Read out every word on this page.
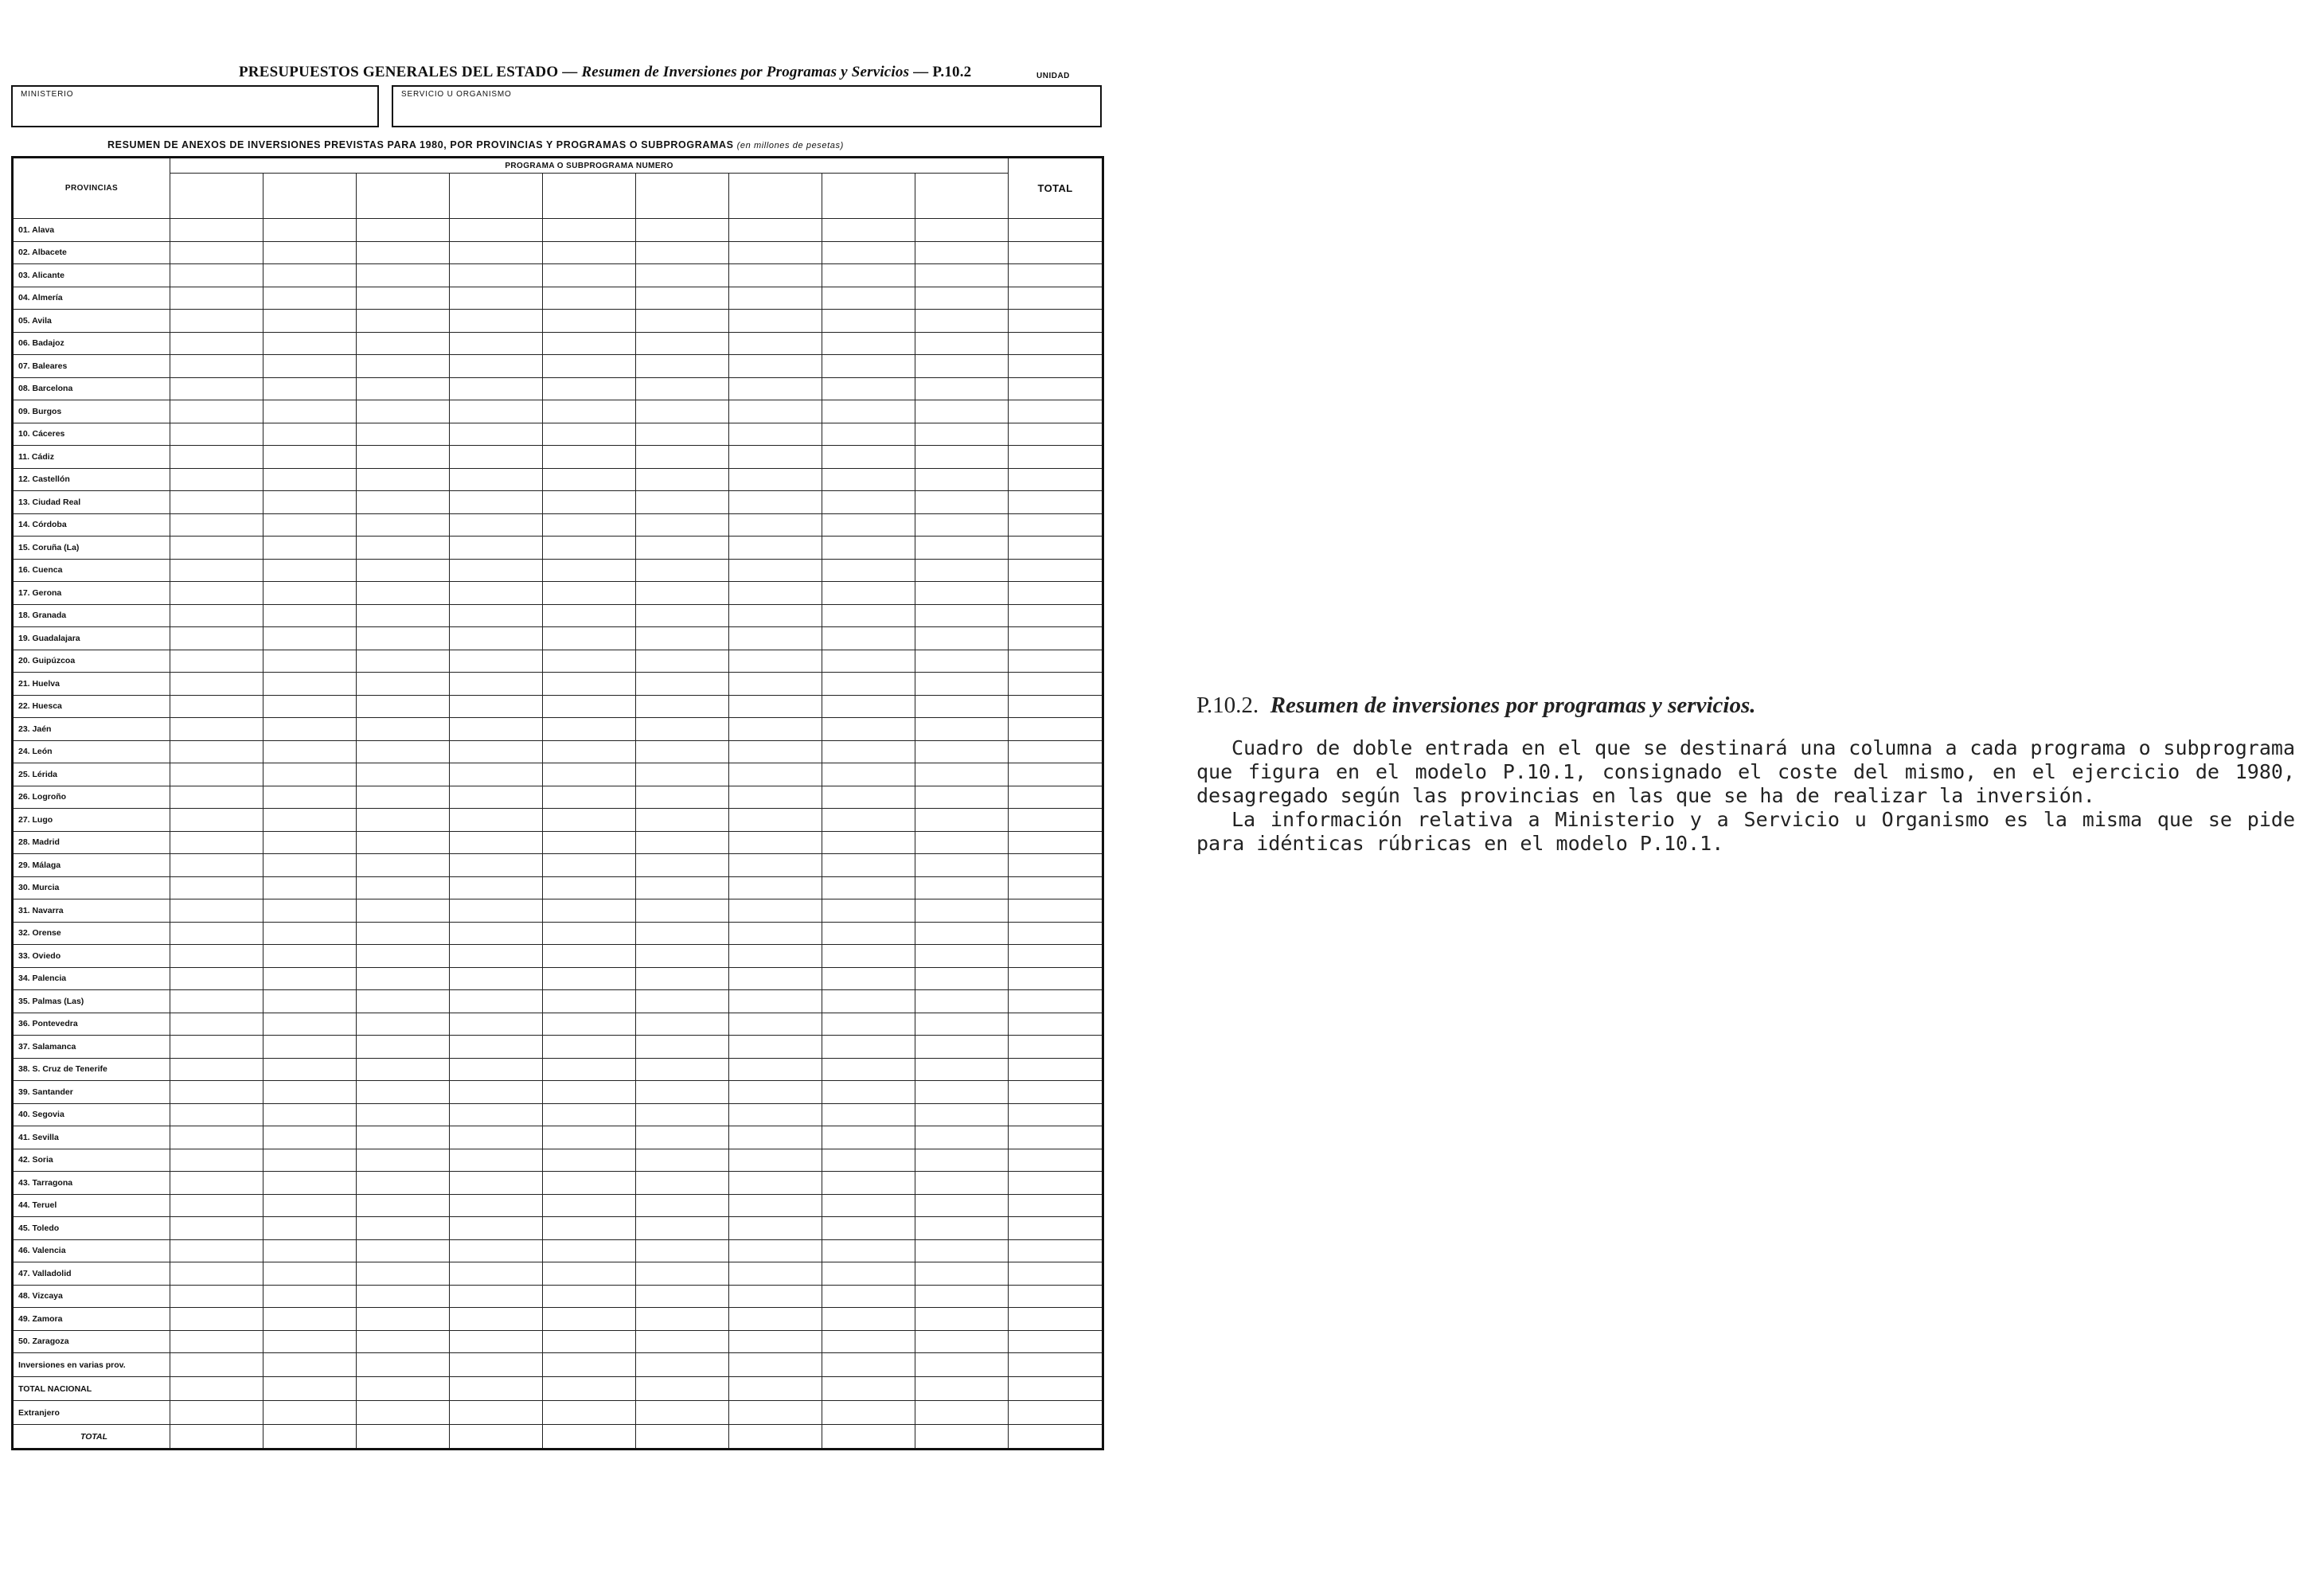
PRESUPUESTOS GENERALES DEL ESTADO — Resumen de Inversiones por Programas y Servicios — P.10.2	UNIDAD
MINISTERIO	SERVICIO U ORGANISMO
RESUMEN DE ANEXOS DE INVERSIONES PREVISTAS PARA 1980, POR PROVINCIAS Y PROGRAMAS O SUBPROGRAMAS (en millones de pesetas)
PROVINCIAS	PROGRAMA O SUBPROGRAMA NUMERO									TOTAL

01. Alava										
02. Albacete										
03. Alicante										
04. Almería										
05. Avila										
06. Badajoz										
07. Baleares										
08. Barcelona										
09. Burgos										
10. Cáceres										
11. Cádiz										
12. Castellón										
13. Ciudad Real										
14. Córdoba										
15. Coruña (La)										
16. Cuenca										
17. Gerona										
18. Granada										
19. Guadalajara										
20. Guipúzcoa										
21. Huelva										
22. Huesca										
23. Jaén										
24. León										
25. Lérida										
26. Logroño										
27. Lugo										
28. Madrid										
29. Málaga										
30. Murcia										
31. Navarra										
32. Orense										
33. Oviedo										
34. Palencia										
35. Palmas (Las)										
36. Pontevedra										
37. Salamanca										
38. S. Cruz de Tenerife										
39. Santander										
40. Segovia										
41. Sevilla										
42. Soria										
43. Tarragona										
44. Teruel										
45. Toledo										
46. Valencia										
47. Valladolid										
48. Vizcaya										
49. Zamora										
50. Zaragoza										
Inversiones en varias prov.										
TOTAL NACIONAL										
Extranjero										
TOTAL										
P.10.2. Resumen de inversiones por programas y servicios.

Cuadro de doble entrada en el que se destinará una columna a cada programa o subprograma que figura en el modelo P.10.1, consignado el coste del mismo, en el ejercicio de 1980, desagregado según las provincias en las que se ha de realizar la inversión.

La información relativa a Ministerio y a Servicio u Organismo es la misma que se pide para idénticas rúbricas en el modelo P.10.1.
